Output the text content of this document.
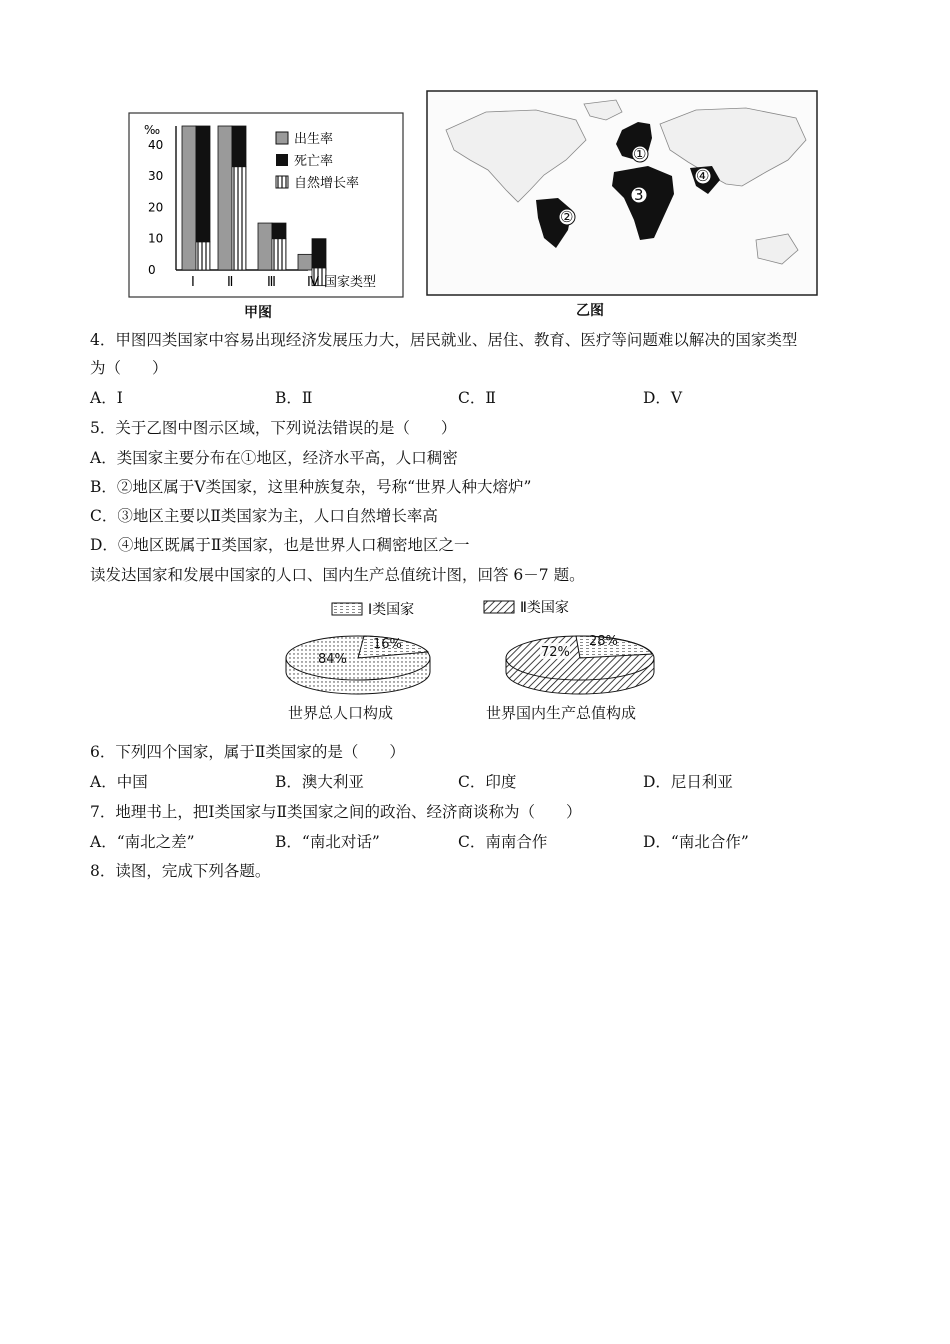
‰
40
30
20
10
0
Ⅰ Ⅱ	Ⅲ Ⅳ 国家类型
出生率
死亡率
自然增长率
甲图
①
②
3
④
乙图
4．甲图四类国家中容易出现经济发展压力大，居民就业、居住、教育、医疗等问题难以解决的国家类型
为（　　）
A．Ⅰ	B．Ⅱ	C．Ⅱ	D．Ⅴ
5．关于乙图中图示区域，下列说法错误的是（　　）
A．类国家主要分布在①地区，经济水平高，人口稠密
B．②地区属于Ⅴ类国家，这里种族复杂，号称“世界人种大熔炉”
C．③地区主要以Ⅱ类国家为主，人口自然增长率高
D．④地区既属于Ⅱ类国家，也是世界人口稠密地区之一
读发达国家和发展中国家的人口、国内生产总值统计图，回答 6－7 题。
Ⅰ类国家	Ⅱ类国家
84%
16%
72%
28%
世界总人口构成	世界国内生产总值构成
6．下列四个国家，属于Ⅱ类国家的是（　　）
A．中国	B．澳大利亚	C．印度	D．尼日利亚
7．地理书上，把Ⅰ类国家与Ⅱ类国家之间的政治、经济商谈称为（　　）
A．“南北之差”	B．“南北对话”	C．南南合作	D．“南北合作”
8．读图，完成下列各题。
